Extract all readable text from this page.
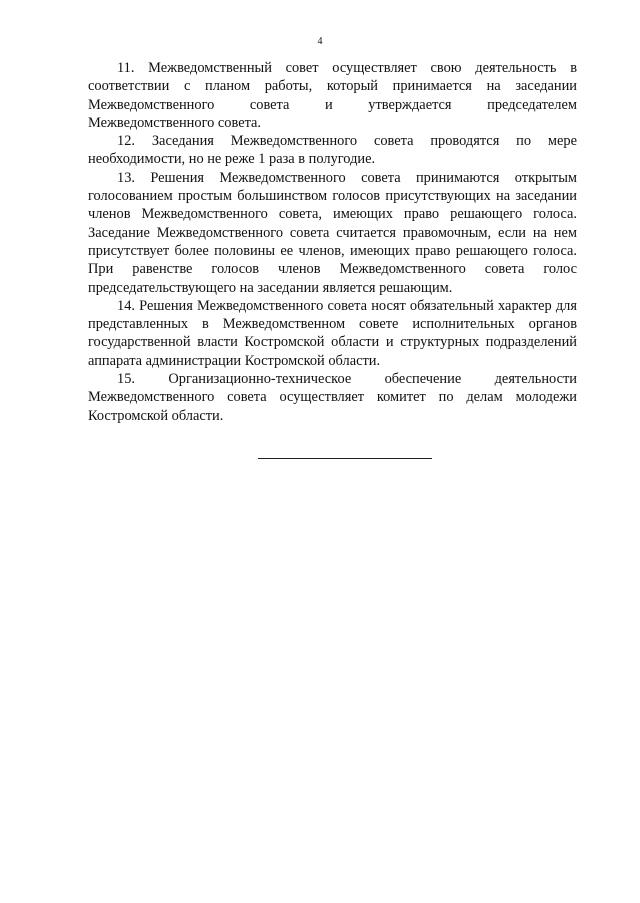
4

11. Межведомственный совет осуществляет свою деятельность в соответствии с планом работы, который принимается на заседании Межведомственного совета и утверждается председателем Межведомственного совета.

12. Заседания Межведомственного совета проводятся по мере необходимости, но не реже 1 раза в полугодие.

13. Решения Межведомственного совета принимаются открытым голосованием простым большинством голосов присутствующих на заседании членов Межведомственного совета, имеющих право решающего голоса. Заседание Межведомственного совета считается правомочным, если на нем присутствует более половины ее членов, имеющих право решающего голоса. При равенстве голосов членов Межведомственного совета голос председательствующего на заседании является решающим.

14. Решения Межведомственного совета носят обязательный характер для представленных в Межведомственном совете исполнительных органов государственной власти Костромской области и структурных подразделений аппарата администрации Костромской области.

15. Организационно-техническое обеспечение деятельности Межведомственного совета осуществляет комитет по делам молодежи Костромской области.
